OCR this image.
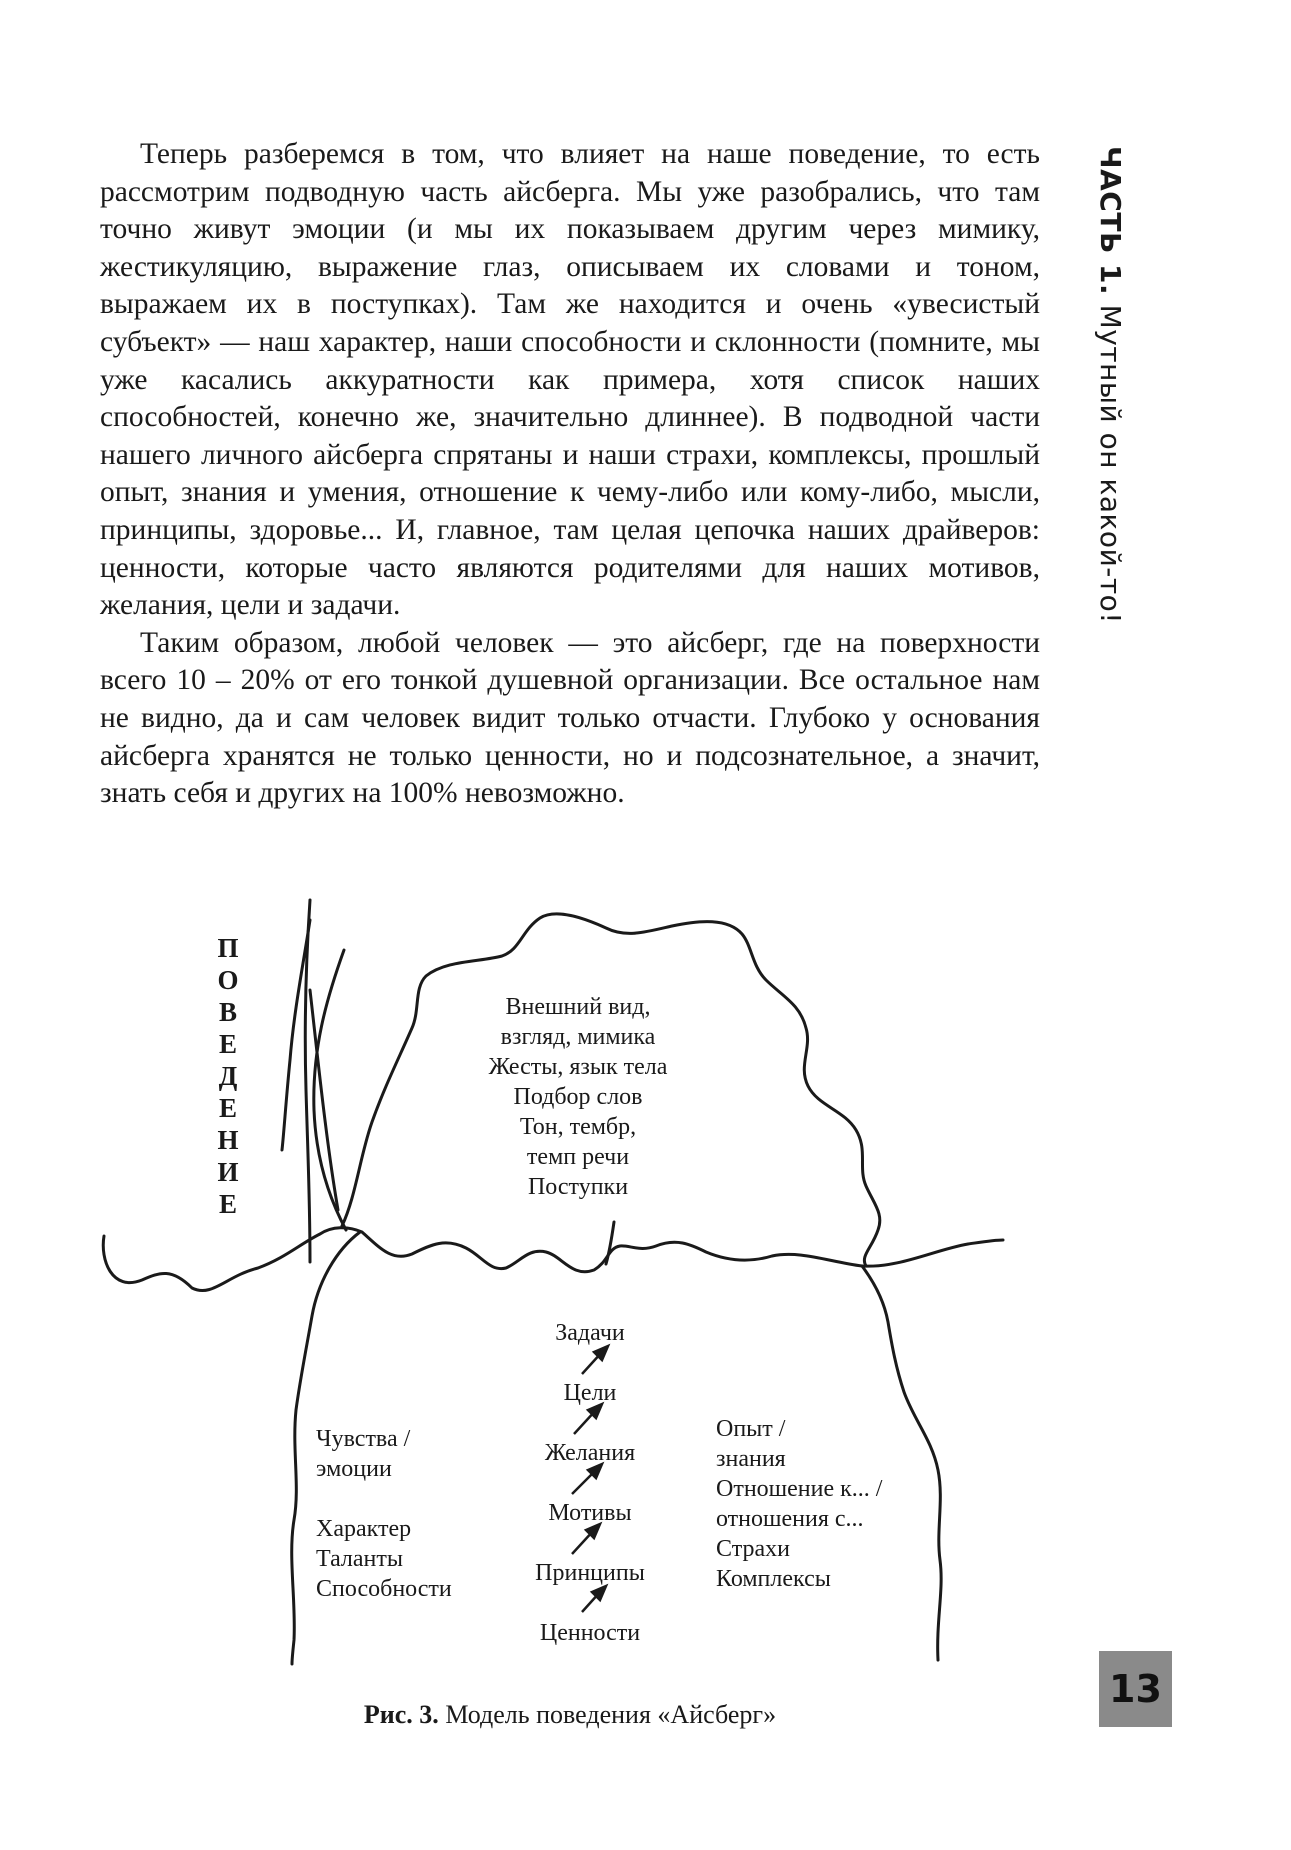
Теперь разберемся в том, что влияет на наше поведение, то есть рассмотрим подводную часть айсберга. Мы уже разобрались, что там точно живут эмоции (и мы их показываем другим через мимику, жестикуляцию, выражение глаз, описываем их словами и тоном, выражаем их в поступках). Там же находится и очень «увесистый субъект» — наш характер, наши способности и склонности (помните, мы уже касались аккуратности как примера, хотя список наших способностей, конечно же, значительно длиннее). В подводной части нашего личного айсберга спрятаны и наши страхи, комплексы, прошлый опыт, знания и умения, отношение к чему-либо или кому-либо, мысли, принципы, здоровье... И, главное, там целая цепочка наших драйверов: ценности, которые часто являются родителями для наших мотивов, желания, цели и задачи.

Таким образом, любой человек — это айсберг, где на поверхности всего 10 – 20% от его тонкой душевной организации. Все остальное нам не видно, да и сам человек видит только отчасти. Глубоко у основания айсберга хранятся не только ценности, но и подсознательное, а значит, знать себя и других на 100% невозможно.

ЧАСТЬ 1. Мутный он какой-то!
П
О
В
Е
Д
Е
Н
И
Е
Внешний вид,
взгляд, мимика
Жесты, язык тела
Подбор слов
Тон, тембр,
темп речи
Поступки
Чувства /
эмоции
Характер
Таланты
Способности
Задачи
Цели
Желания
Мотивы
Принципы
Ценности
Опыт /
знания
Отношение к... /
отношения с...
Страхи
Комплексы
Рис. 3. Модель поведения «Айсберг»
13
